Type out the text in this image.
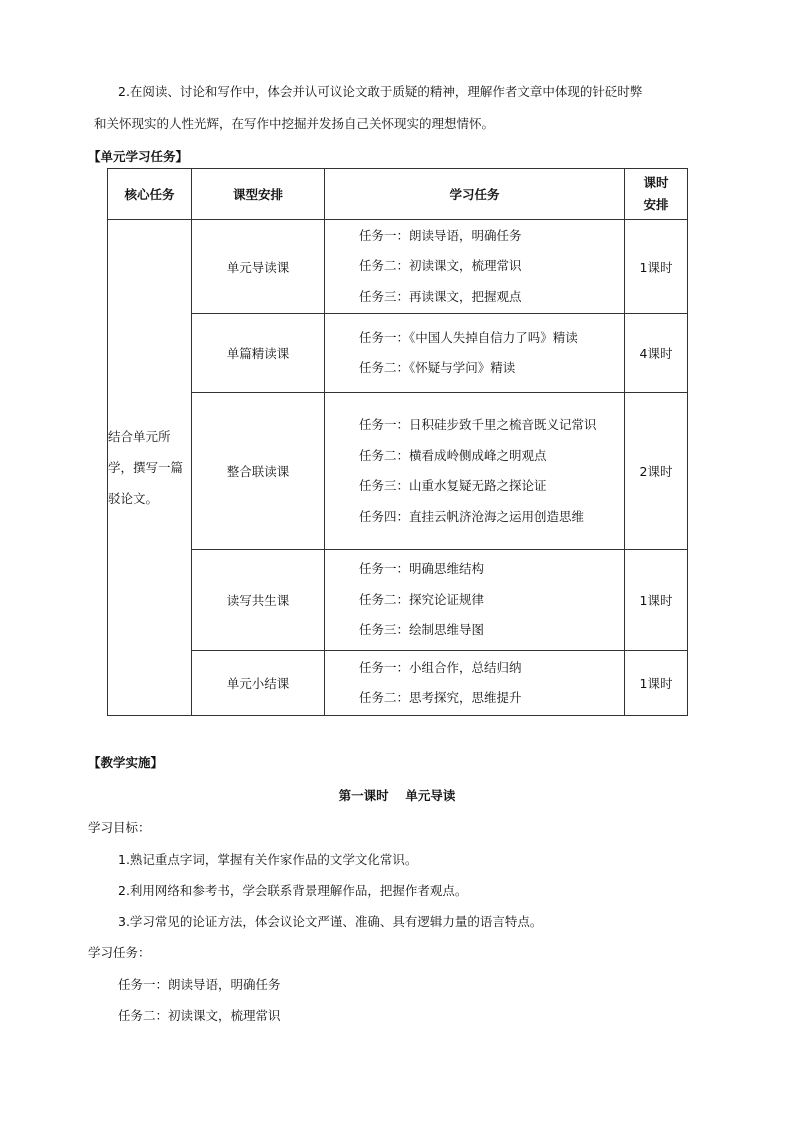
2.在阅读、讨论和写作中，体会并认可议论文敢于质疑的精神，理解作者文章中体现的针砭时弊
和关怀现实的人性光辉，在写作中挖掘并发扬自己关怀现实的理想情怀。
【单元学习任务】
核心任务	课型安排	学习任务	课时
安排

结合单元所学，撰写一篇驳论文。	单元导读课	任务一：朗读导语，明确任务
任务二：初读课文，梳理常识
任务三：再读课文，把握观点	1课时
	单篇精读课	任务一：《中国人失掉自信力了吗》精读
任务二：《怀疑与学问》精读	4课时
	整合联读课	任务一：日积硅步致千里之梳音既义记常识
任务二：横看成岭侧成峰之明观点
任务三：山重水复疑无路之探论证
任务四：直挂云帆济沧海之运用创造思维	2课时
	读写共生课	任务一：明确思维结构
任务二：探究论证规律
任务三：绘制思维导图	1课时
	单元小结课	任务一：小组合作，总结归纳
任务二：思考探究，思维提升	1课时
【教学实施】
第一课时　 单元导读
学习目标：
1.熟记重点字词，掌握有关作家作品的文学文化常识。
2.利用网络和参考书，学会联系背景理解作品，把握作者观点。
3.学习常见的论证方法，体会议论文严谨、准确、具有逻辑力量的语言特点。
学习任务：
任务一：朗读导语，明确任务
任务二：初读课文，梳理常识
